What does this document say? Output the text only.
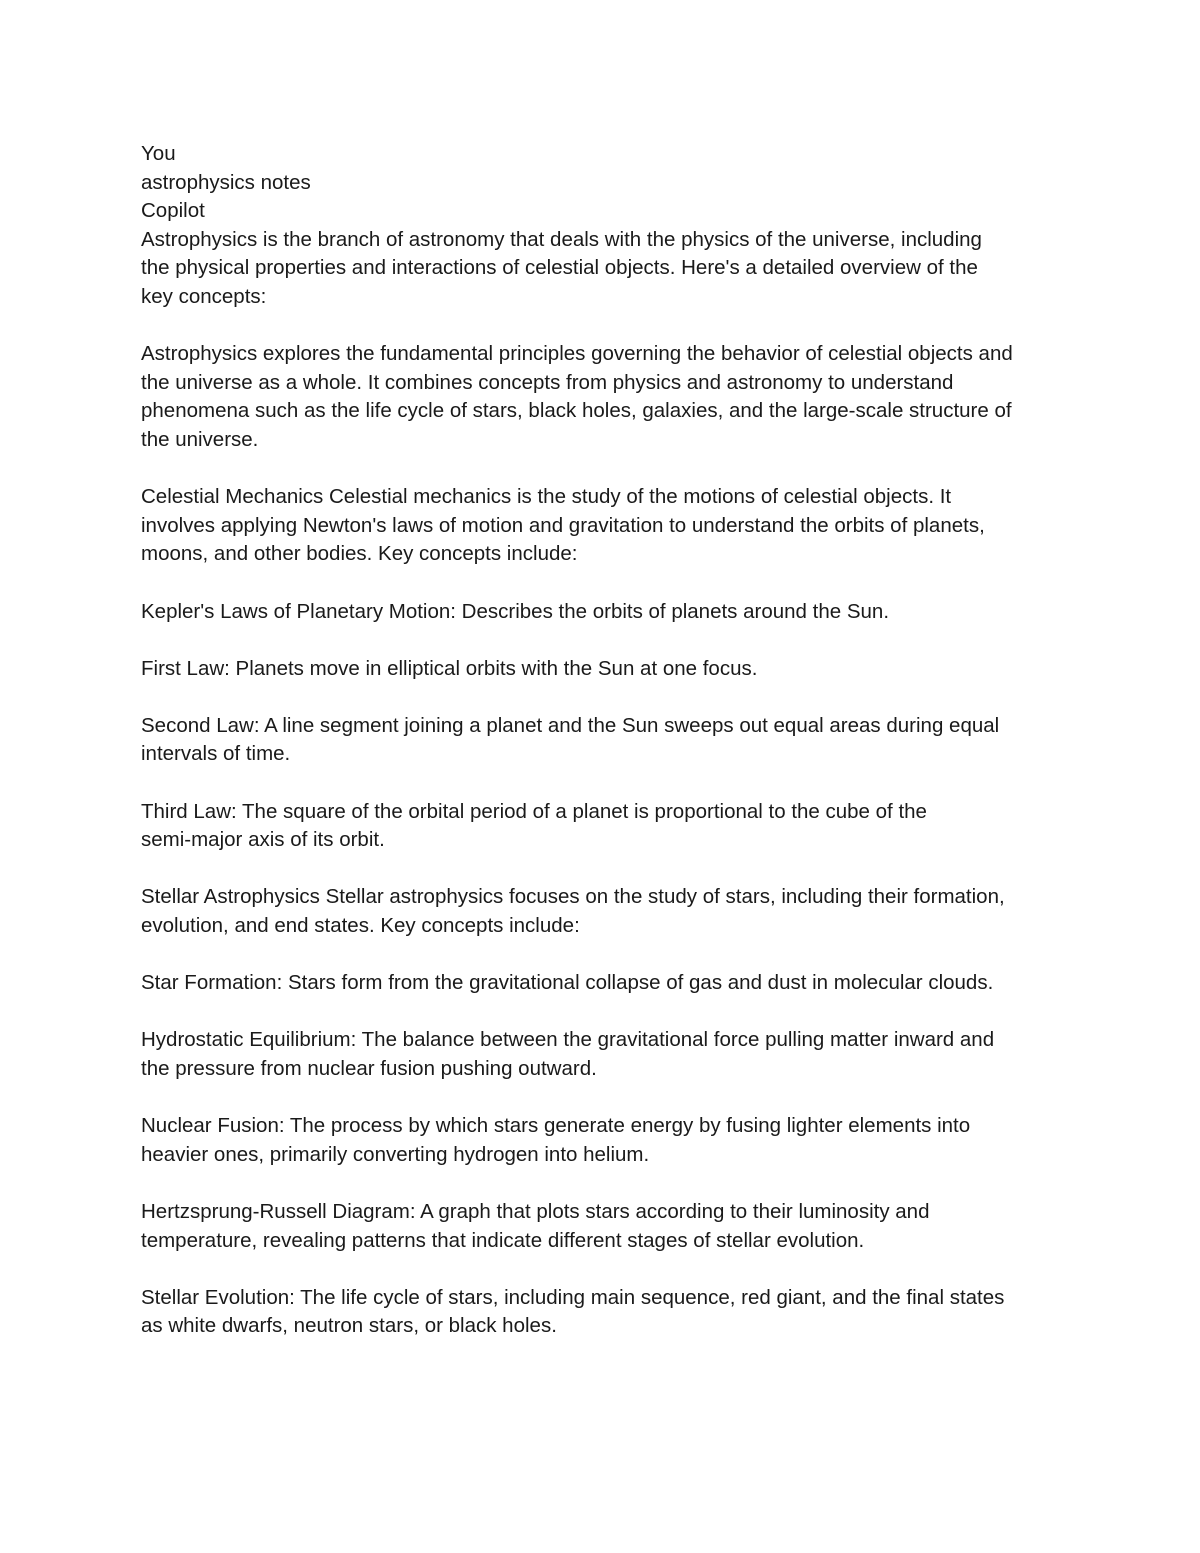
You
astrophysics notes
Copilot

Astrophysics is the branch of astronomy that deals with the physics of the universe, including
the physical properties and interactions of celestial objects. Here's a detailed overview of the
key concepts:

Astrophysics explores the fundamental principles governing the behavior of celestial objects and
the universe as a whole. It combines concepts from physics and astronomy to understand
phenomena such as the life cycle of stars, black holes, galaxies, and the large-scale structure of
the universe.

Celestial Mechanics Celestial mechanics is the study of the motions of celestial objects. It
involves applying Newton's laws of motion and gravitation to understand the orbits of planets,
moons, and other bodies. Key concepts include:

Kepler's Laws of Planetary Motion: Describes the orbits of planets around the Sun.

First Law: Planets move in elliptical orbits with the Sun at one focus.

Second Law: A line segment joining a planet and the Sun sweeps out equal areas during equal
intervals of time.

Third Law: The square of the orbital period of a planet is proportional to the cube of the
semi-major axis of its orbit.

Stellar Astrophysics Stellar astrophysics focuses on the study of stars, including their formation,
evolution, and end states. Key concepts include:

Star Formation: Stars form from the gravitational collapse of gas and dust in molecular clouds.

Hydrostatic Equilibrium: The balance between the gravitational force pulling matter inward and
the pressure from nuclear fusion pushing outward.

Nuclear Fusion: The process by which stars generate energy by fusing lighter elements into
heavier ones, primarily converting hydrogen into helium.

Hertzsprung-Russell Diagram: A graph that plots stars according to their luminosity and
temperature, revealing patterns that indicate different stages of stellar evolution.

Stellar Evolution: The life cycle of stars, including main sequence, red giant, and the final states
as white dwarfs, neutron stars, or black holes.
